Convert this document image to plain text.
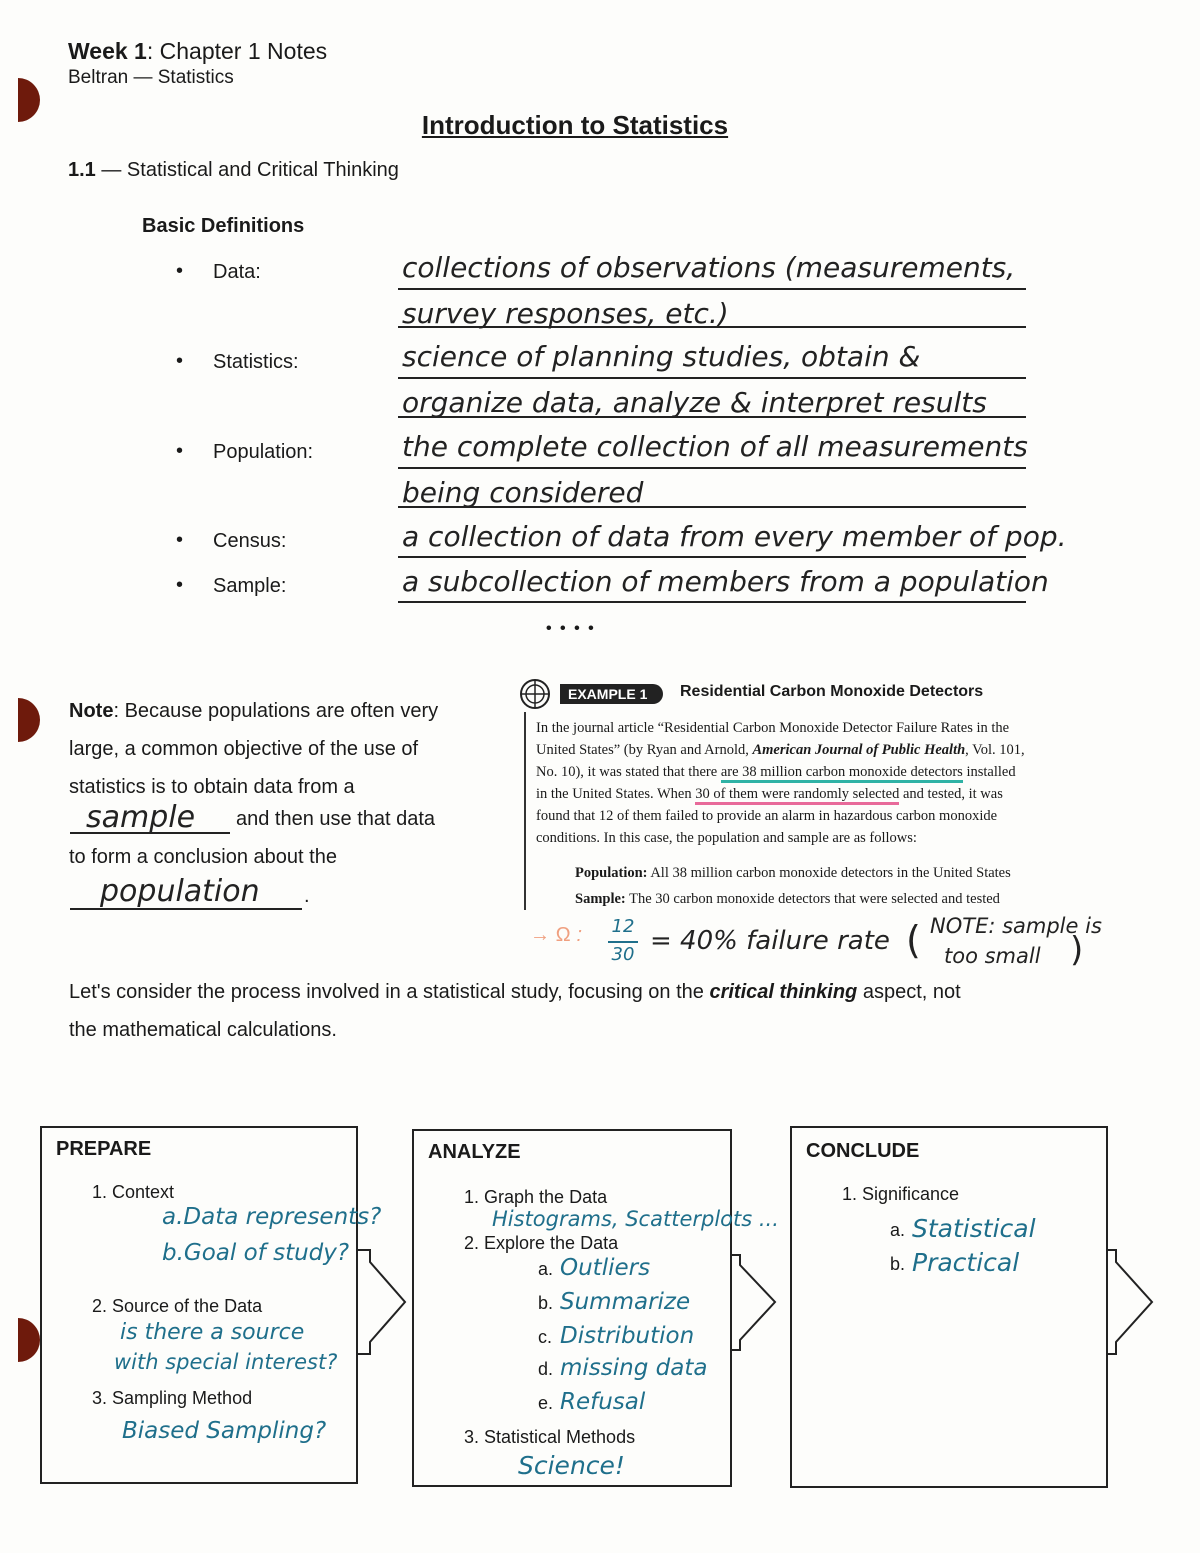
Week 1: Chapter 1 Notes
Beltran — Statistics
Introduction to Statistics
1.1 — Statistical and Critical Thinking
Basic Definitions
• Data:	collections of observations (measurements,
survey responses, etc.)
• Statistics:	science of planning studies, obtain &
organize data, analyze & interpret results
• Population:	the complete collection of all measurements
being considered
• Census:	a collection of data from every member of pop.
• Sample:	a subcollection of members from a population
• • • •
Note: Because populations are often very
large, a common objective of the use of
statistics is to obtain data from a
sample and then use that data
to form a conclusion about the
population .
EXAMPLE 1	Residential Carbon Monoxide Detectors
In the journal article “Residential Carbon Monoxide Detector Failure Rates in the
United States” (by Ryan and Arnold, American Journal of Public Health, Vol. 101,
No. 10), it was stated that there are 38 million carbon monoxide detectors installed
in the United States. When 30 of them were randomly selected and tested, it was
found that 12 of them failed to provide an alarm in hazardous carbon monoxide
conditions. In this case, the population and sample are as follows:
Population: All 38 million carbon monoxide detectors in the United States
Sample: The 30 carbon monoxide detectors that were selected and tested
→ Ω : 12
30 = 40% failure rate ( NOTE: sample is
too small )
Let's consider the process involved in a statistical study, focusing on the critical thinking aspect, not
the mathematical calculations.
PREPARE
1. Context
a.Data represents?
b.Goal of study?
2. Source of the Data
is there a source
with special interest?
3. Sampling Method
Biased Sampling?
ANALYZE
1. Graph the Data
Histograms, Scatterplots ...
2. Explore the Data
a. Outliers
b. Summarize
c. Distribution
d. missing data
e. Refusal
3. Statistical Methods
Science!
CONCLUDE
1. Significance
a. Statistical
b. Practical
